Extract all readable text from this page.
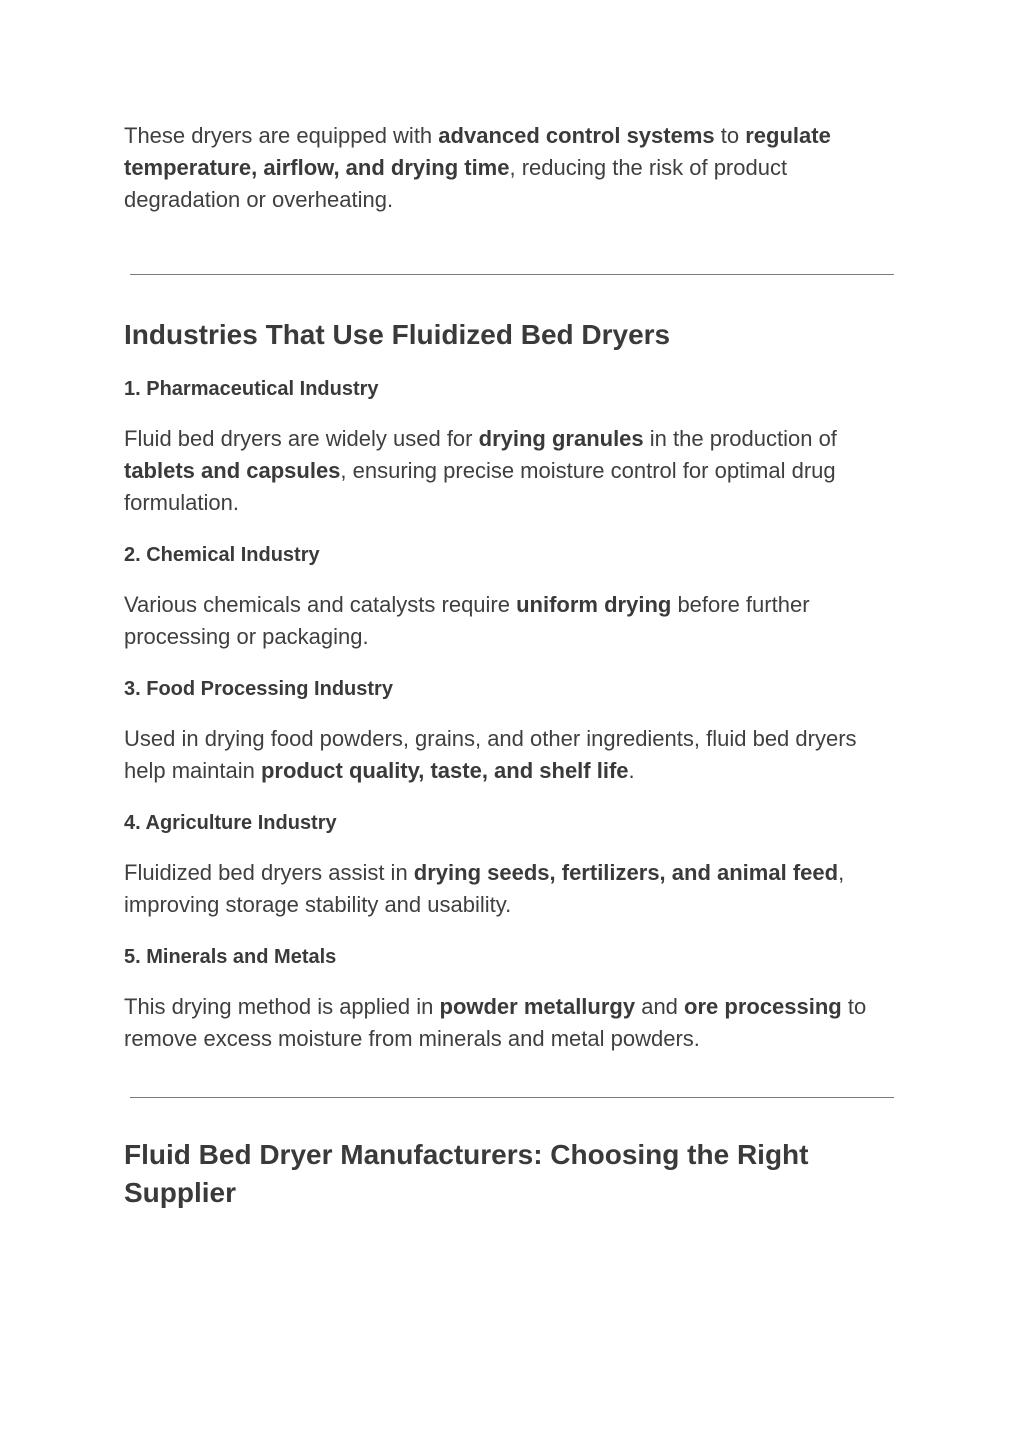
These dryers are equipped with advanced control systems to regulate temperature, airflow, and drying time, reducing the risk of product degradation or overheating.

Industries That Use Fluidized Bed Dryers
1. Pharmaceutical Industry

Fluid bed dryers are widely used for drying granules in the production of tablets and capsules, ensuring precise moisture control for optimal drug formulation.

2. Chemical Industry

Various chemicals and catalysts require uniform drying before further processing or packaging.

3. Food Processing Industry

Used in drying food powders, grains, and other ingredients, fluid bed dryers help maintain product quality, taste, and shelf life.

4. Agriculture Industry

Fluidized bed dryers assist in drying seeds, fertilizers, and animal feed, improving storage stability and usability.

5. Minerals and Metals

This drying method is applied in powder metallurgy and ore processing to remove excess moisture from minerals and metal powders.

Fluid Bed Dryer Manufacturers: Choosing the Right Supplier
